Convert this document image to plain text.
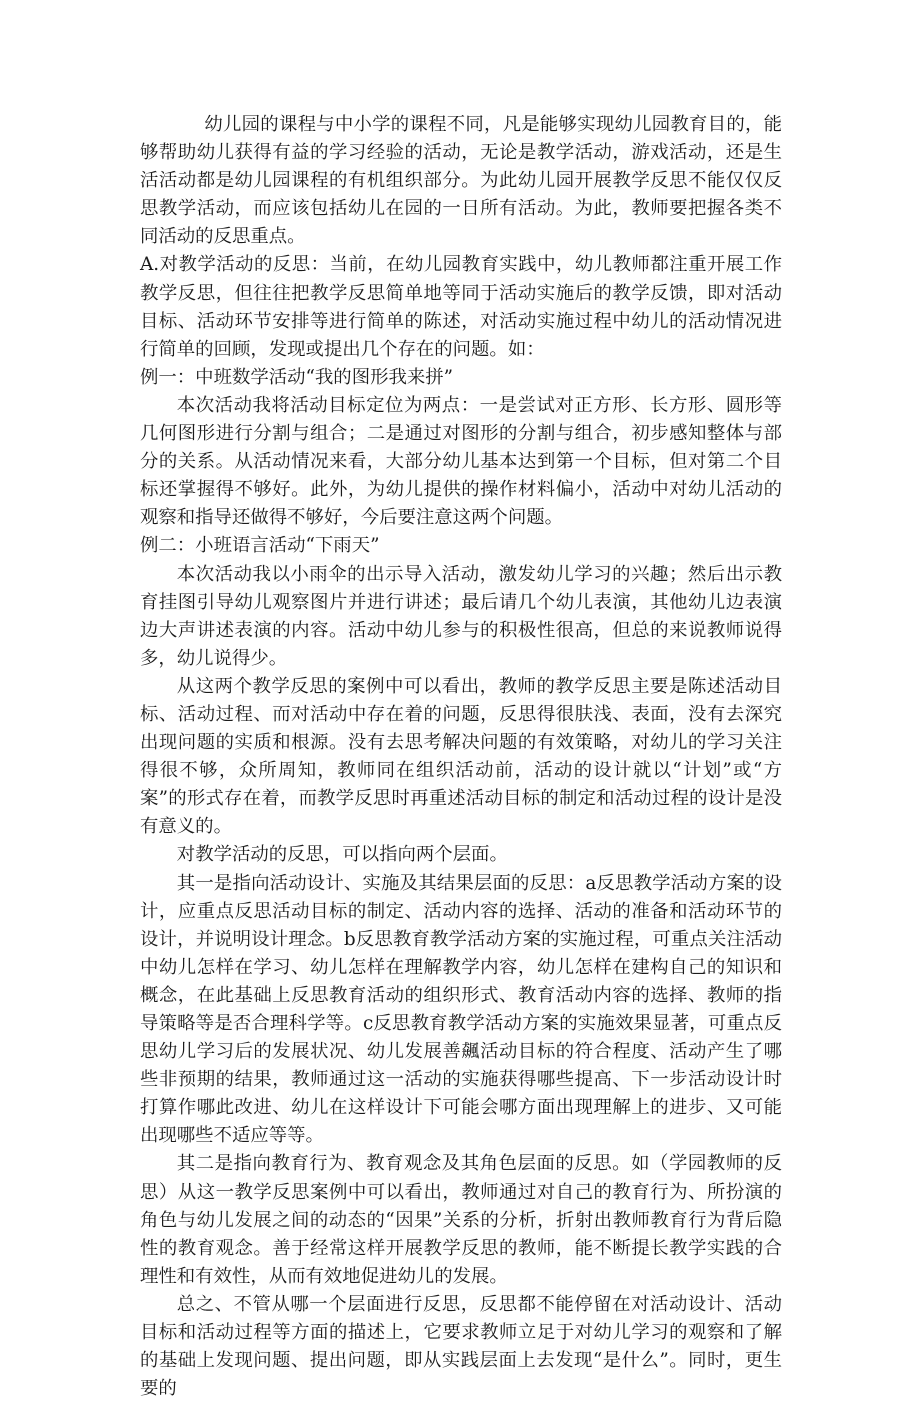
幼儿园的课程与中小学的课程不同，凡是能够实现幼儿园教育目的，能够帮助幼儿获得有益的学习经验的活动，无论是教学活动，游戏活动，还是生活活动都是幼儿园课程的有机组织部分。为此幼儿园开展教学反思不能仅仅反思教学活动，而应该包括幼儿在园的一日所有活动。为此，教师要把握各类不同活动的反思重点。

A.对教学活动的反思：当前，在幼儿园教育实践中，幼儿教师都注重开展工作教学反思，但往往把教学反思简单地等同于活动实施后的教学反馈，即对活动目标、活动环节安排等进行简单的陈述，对活动实施过程中幼儿的活动情况进行简单的回顾，发现或提出几个存在的问题。如：

例一：中班数学活动“我的图形我来拼”

本次活动我将活动目标定位为两点：一是尝试对正方形、长方形、圆形等几何图形进行分割与组合；二是通过对图形的分割与组合，初步感知整体与部分的关系。从活动情况来看，大部分幼儿基本达到第一个目标，但对第二个目标还掌握得不够好。此外，为幼儿提供的操作材料偏小，活动中对幼儿活动的观察和指导还做得不够好，今后要注意这两个问题。

例二：小班语言活动“下雨天”

本次活动我以小雨伞的出示导入活动，激发幼儿学习的兴趣；然后出示教育挂图引导幼儿观察图片并进行讲述；最后请几个幼儿表演，其他幼儿边表演边大声讲述表演的内容。活动中幼儿参与的积极性很高，但总的来说教师说得多，幼儿说得少。

从这两个教学反思的案例中可以看出，教师的教学反思主要是陈述活动目标、活动过程、而对活动中存在着的问题，反思得很肤浅、表面，没有去深究出现问题的实质和根源。没有去思考解决问题的有效策略，对幼儿的学习关注得很不够，众所周知，教师同在组织活动前，活动的设计就以“计划”或“方案”的形式存在着，而教学反思时再重述活动目标的制定和活动过程的设计是没有意义的。

对教学活动的反思，可以指向两个层面。

其一是指向活动设计、实施及其结果层面的反思：a反思教学活动方案的设计，应重点反思活动目标的制定、活动内容的选择、活动的准备和活动环节的设计，并说明设计理念。b反思教育教学活动方案的实施过程，可重点关注活动中幼儿怎样在学习、幼儿怎样在理解教学内容，幼儿怎样在建构自己的知识和概念，在此基础上反思教育活动的组织形式、教育活动内容的选择、教师的指导策略等是否合理科学等。c反思教育教学活动方案的实施效果显著，可重点反思幼儿学习后的发展状况、幼儿发展善飆活动目标的符合程度、活动产生了哪些非预期的结果，教师通过这一活动的实施获得哪些提高、下一步活动设计时打算作哪此改进、幼儿在这样设计下可能会哪方面出现理解上的进步、又可能出现哪些不适应等等。

其二是指向教育行为、教育观念及其角色层面的反思。如（学园教师的反思）从这一教学反思案例中可以看出，教师通过对自己的教育行为、所扮演的角色与幼儿发展之间的动态的“因果”关系的分析，折射出教师教育行为背后隐性的教育观念。善于经常这样开展教学反思的教师，能不断提长教学实践的合理性和有效性，从而有效地促进幼儿的发展。

总之、不管从哪一个层面进行反思，反思都不能停留在对活动设计、活动目标和活动过程等方面的描述上，它要求教师立足于对幼儿学习的观察和了解的基础上发现问题、提出问题，即从实践层面上去发现“是什么”。同时，更生要的
